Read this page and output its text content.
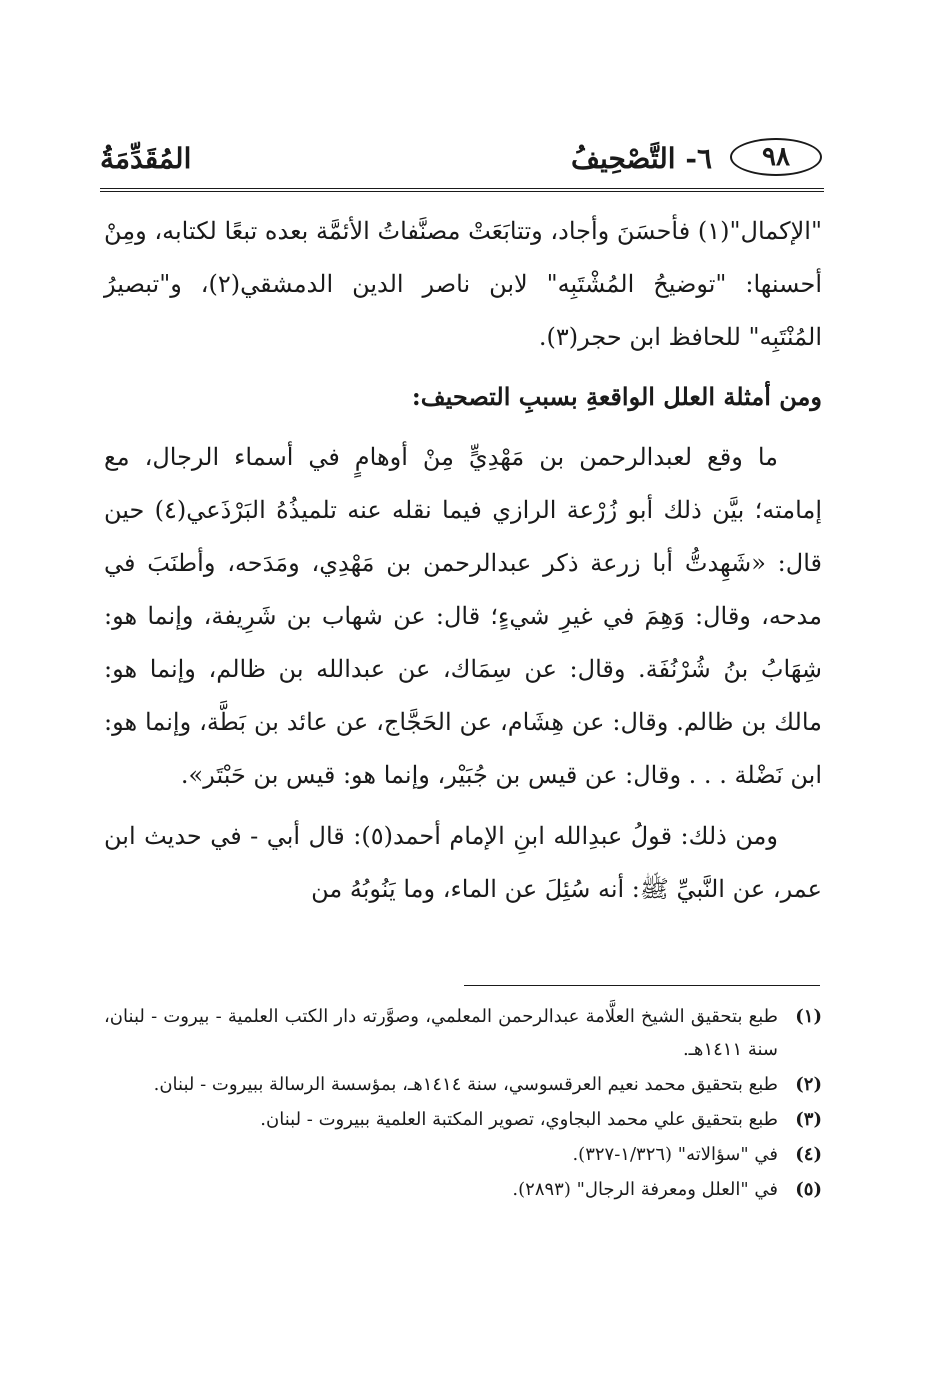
٩٨
٦- التَّصْحِيفُ
المُقَدِّمَةُ

"الإكمال"(١) فأحسَنَ وأجاد، وتتابَعَتْ مصنَّفاتُ الأئمَّة بعده تبعًا لكتابه، ومِنْ أحسنها: "توضيحُ المُشْتَبِه" لابن ناصر الدين الدمشقي(٢)، و"تبصيرُ المُنْتَبِه" للحافظ ابن حجر(٣).

ومن أمثلة العلل الواقعةِ بسببِ التصحيف:

ما وقع لعبدالرحمن بن مَهْدِيٍّ مِنْ أوهامٍ في أسماء الرجال، مع إمامته؛ بيَّن ذلك أبو زُرْعة الرازي فيما نقله عنه تلميذُهُ البَرْذَعي(٤) حين قال: «شَهِدتُّ أبا زرعة ذكر عبدالرحمن بن مَهْدِي، ومَدَحه، وأطنَبَ في مدحه، وقال: وَهِمَ في غيرِ شيءٍ؛ قال: عن شهاب بن شَرِيفة، وإنما هو: شِهَابُ بنُ شُرْنُفَة. وقال: عن سِمَاك، عن عبدالله بن ظالم، وإنما هو: مالك بن ظالم. وقال: عن هِشَام، عن الحَجَّاج، عن عائد بن بَطَّة، وإنما هو: ابن نَضْلة . . . وقال: عن قيس بن جُبَيْر، وإنما هو: قيس بن حَبْتَر».

ومن ذلك: قولُ عبدِالله ابنِ الإمام أحمد(٥): قال أبي - في حديث ابن عمر، عن النَّبيِّ ﷺ: أنه سُئِلَ عن الماء، وما يَنُوبُهُ من

(١)
طبع بتحقيق الشيخ العلَّامة عبدالرحمن المعلمي، وصوَّرته دار الكتب العلمية - بيروت - لبنان، سنة ١٤١١هـ.
(٢)
طبع بتحقيق محمد نعيم العرقسوسي، سنة ١٤١٤هـ، بمؤسسة الرسالة ببيروت - لبنان.
(٣)
طبع بتحقيق علي محمد البجاوي، تصوير المكتبة العلمية ببيروت - لبنان.
(٤)
في "سؤالاته" (١/٣٢٦-٣٢٧).
(٥)
في "العلل ومعرفة الرجال" (٢٨٩٣).
